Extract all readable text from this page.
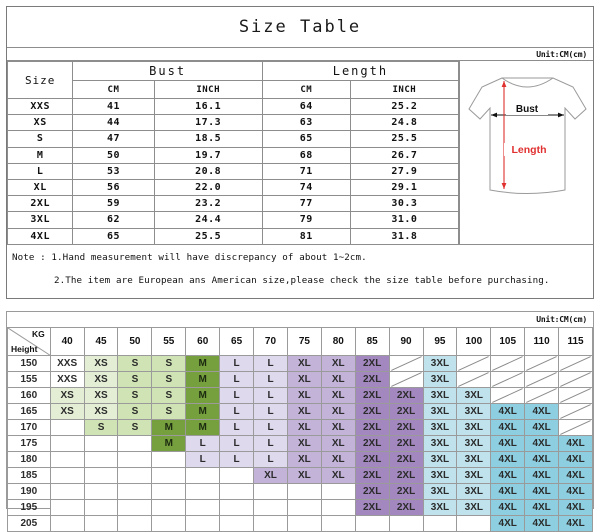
Size Table
Unit:CM(cm)
Size	Bust		Length	
	CM	INCH	CM	INCH
XXS	41	16.1	64	25.2
XS	44	17.3	63	24.8
S	47	18.5	65	25.5
M	50	19.7	68	26.7
L	53	20.8	71	27.9
XL	56	22.0	74	29.1
2XL	59	23.2	77	30.3
3XL	62	24.4	79	31.0
4XL	65	25.5	81	31.8
Bust
Length
Note : 1.Hand measurement will have discrepancy of about 1~2cm.
2.The item are European ans American size,please check the size table before purchasing.
Unit:CM(cm)
KG
Height	40	45	50	55	60	65	70	75	80	85	90	95	100	105	110	115
150	XXS	XS	S	S	M	L	L	XL	XL	2XL		3XL	

155	XXS	XS	S	S	M	L	L	XL	XL	2XL		3XL	

160	XS	XS	S	S	M	L	L	XL	XL	2XL	2XL	3XL	3XL	

165	XS	XS	S	S	M	L	L	XL	XL	2XL	2XL	3XL	3XL	4XL	4XL	

170		S	S	M	M	L	L	XL	XL	2XL	2XL	3XL	3XL	4XL	4XL	

175				M	L	L	L	XL	XL	2XL	2XL	3XL	3XL	4XL	4XL	4XL
180					L	L	L	XL	XL	2XL	2XL	3XL	3XL	4XL	4XL	4XL
185							XL	XL	XL	2XL	2XL	3XL	3XL	4XL	4XL	4XL
190										2XL	2XL	3XL	3XL	4XL	4XL	4XL
195										2XL	2XL	3XL	3XL	4XL	4XL	4XL
205														4XL	4XL	4XL
